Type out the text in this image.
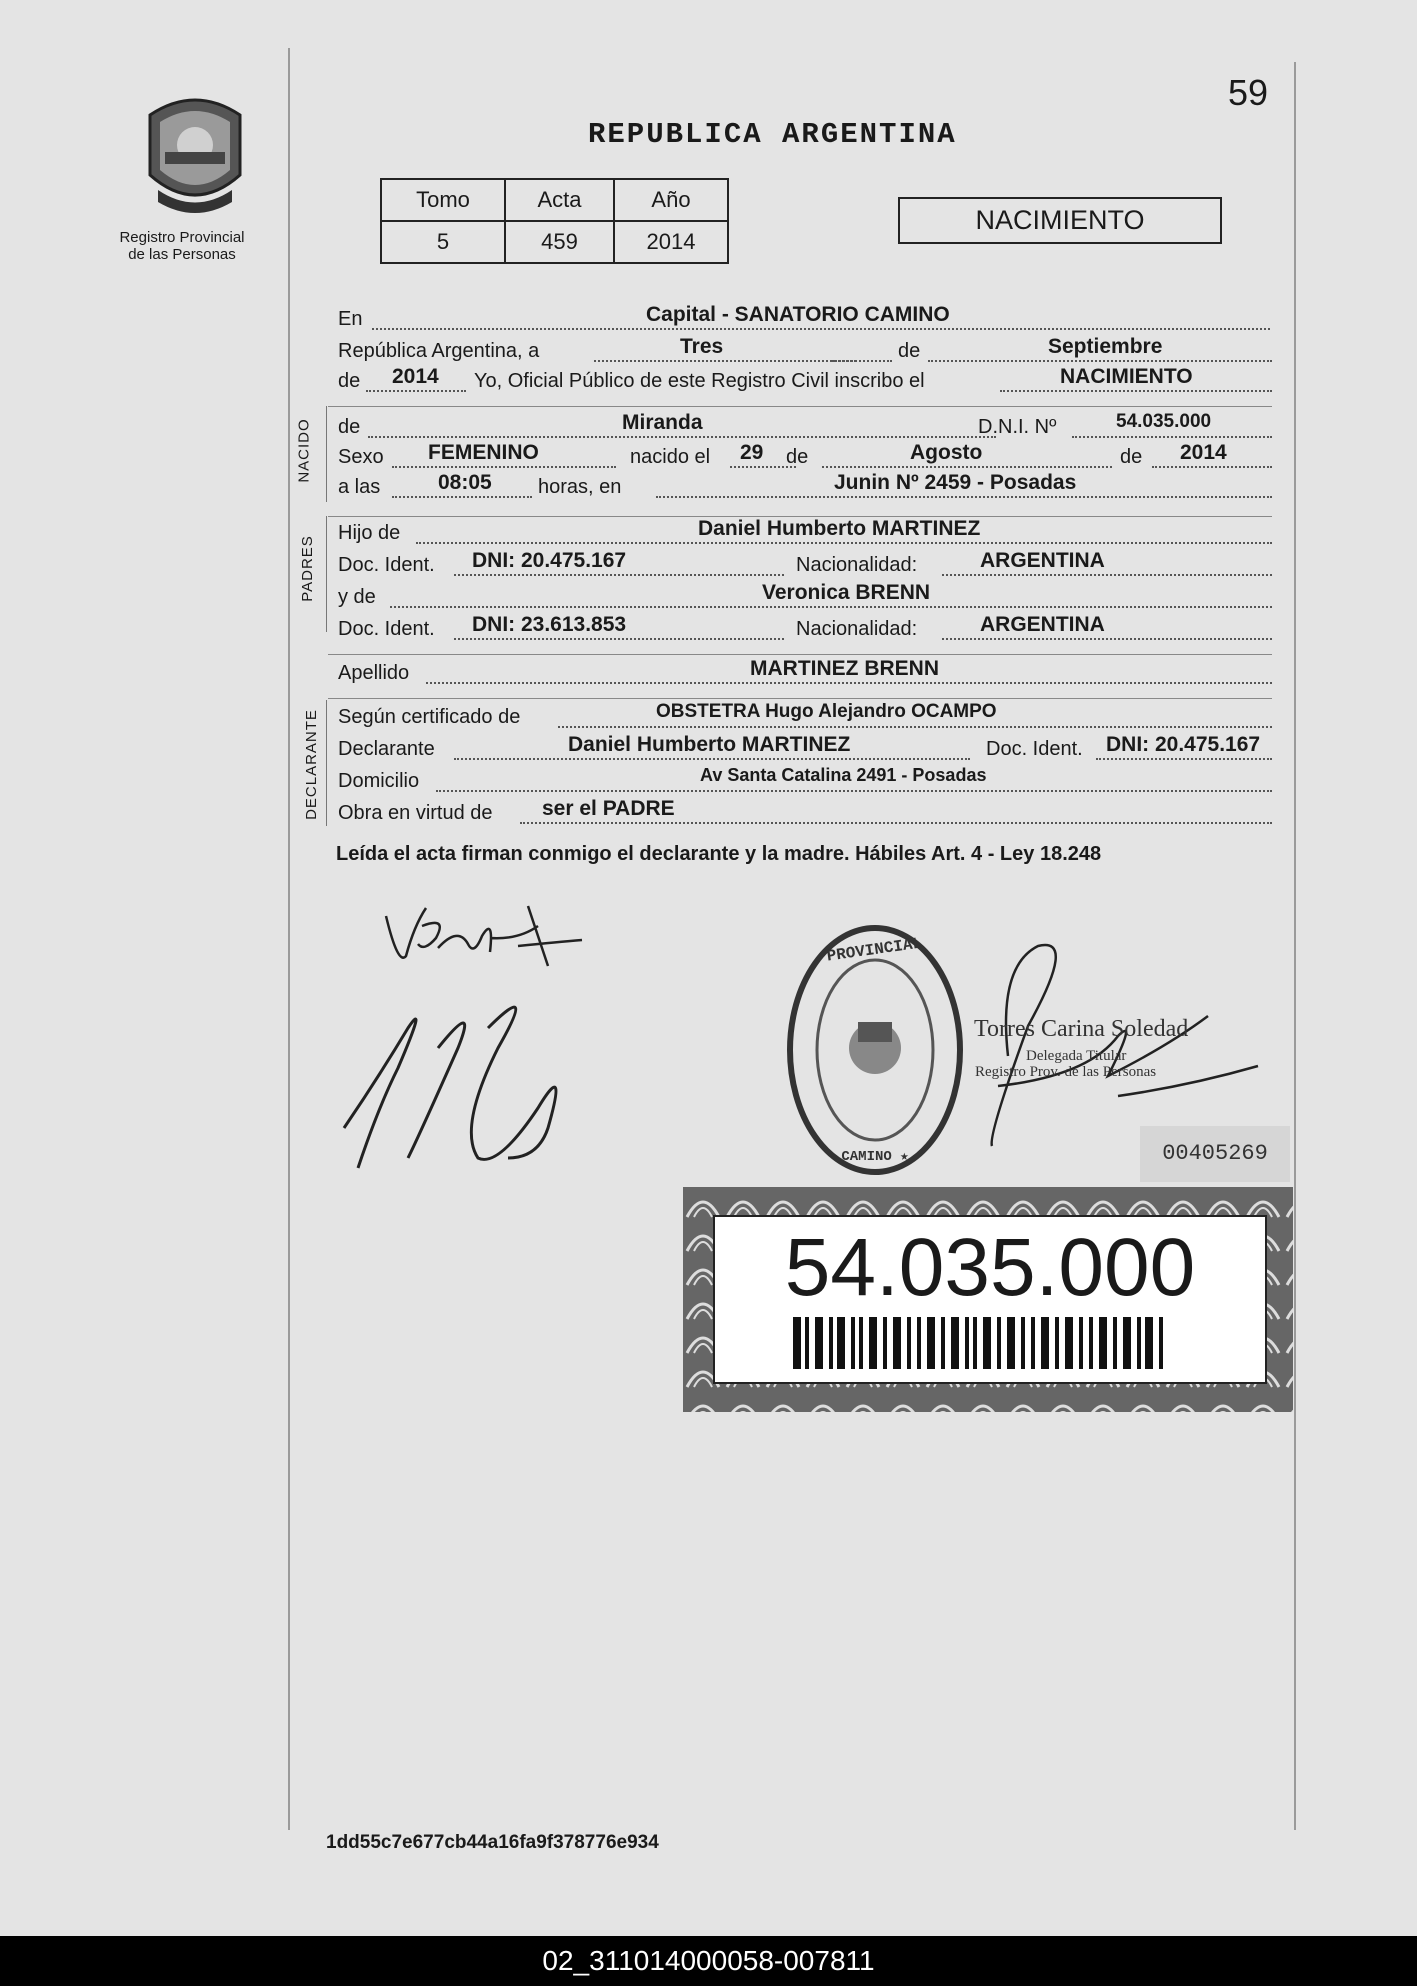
59
Registro Provincial
de las Personas
REPUBLICA ARGENTINA
Tomo	Acta	Año
5	459	2014
NACIMIENTO
En	Capital - SANATORIO CAMINO
República Argentina, a	Tres	de	Septiembre
de 2014 Yo, Oficial Público de este Registro Civil inscribo el	NACIMIENTO
NACIDO de	Miranda	D.N.I. Nº	54.035.000
Sexo FEMENINO	nacido el 29 de	Agosto	de 2014
a las	08:05 horas, en	Junin Nº 2459 - Posadas
PADRES
Hijo de	Daniel Humberto MARTINEZ
Doc. Ident. DNI: 20.475.167	Nacionalidad:	ARGENTINA
y de	Veronica BRENN
Doc. Ident. DNI: 23.613.853	Nacionalidad:	ARGENTINA
Apellido	MARTINEZ BRENN
DECLARANTE Según certificado de	OBSTETRA Hugo Alejandro OCAMPO
Declarante	Daniel Humberto MARTINEZ	Doc. Ident. DNI: 20.475.167
Domicilio	Av Santa Catalina 2491 - Posadas
Obra en virtud de ser el PADRE
Leída el acta firman conmigo el declarante y la madre. Hábiles Art. 4 - Ley 18.248
PROVINCIAL
CAMINO ★
Torres Carina Soledad
Delegada Titular
Registro Prov. de las Personas
00405269
54.035.000
1dd55c7e677cb44a16fa9f378776e934
02_311014000058-007811
